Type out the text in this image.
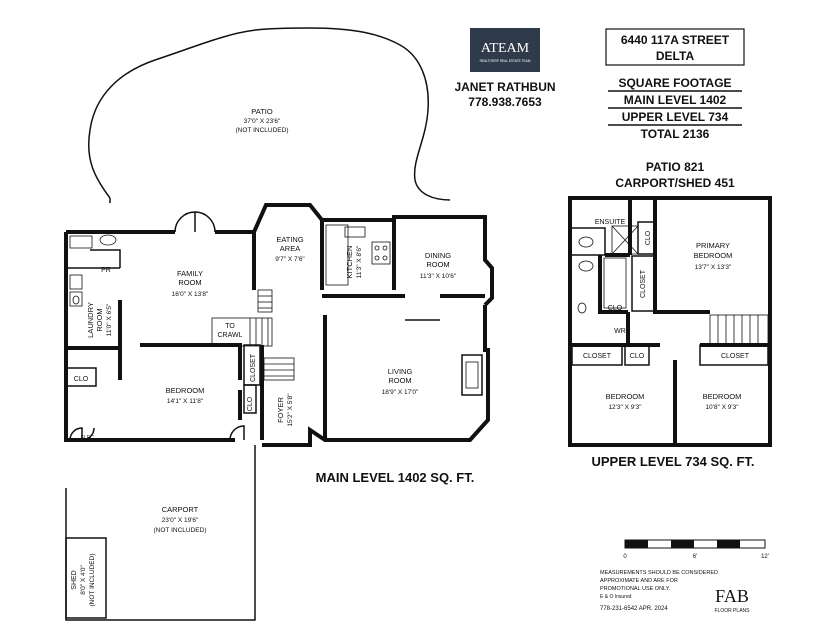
ATEAM
REALTORS® REAL ESTATE TEAM
JANET RATHBUN
778.938.7653
6440 117A STREET
DELTA
SQUARE FOOTAGE
MAIN LEVEL 1402
UPPER LEVEL 734
TOTAL 2136
PATIO 821
CARPORT/SHED 451
PATIO
37'0" X 23'6"
(NOT INCLUDED)
FAMILY
ROOM
16'0" X 13'8"
EATING
AREA
9'7" X 7'6"	KITCHEN 11'3" X 8'6"	DINING
ROOM
11'3" X 10'6"
LAUNDRY ROOM 11'0" X 6'5"
BEDROOM
14'1" X 11'8"
LIVING
ROOM
18'9" X 17'0"
FOYER 15'2" X 5'8"
PR
CLO
CLO
CLOSET
TO
CRAWL
ELEC.
MAIN LEVEL 1402 SQ. FT.
CARPORT
23'0" X 19'6"
(NOT INCLUDED)
SHED 8'0" X 4'0" (NOT INCLUDED)
PRIMARY
BEDROOM
13'7" X 13'3"
BEDROOM
12'3" X 9'3"
BEDROOM
10'8" X 9'3"
ENSUITE
CLO
CLOSET
CLO
WR
CLOSET	CLO	CLOSET
UPPER LEVEL 734 SQ. FT.
0	6'	12'
MEASUREMENTS SHOULD BE CONSIDERED
APPROXIMATE AND ARE FOR
PROMOTIONAL USE ONLY.
E & O Insured
778-231-6542 APR. 2024
FAB
FLOOR PLANS
